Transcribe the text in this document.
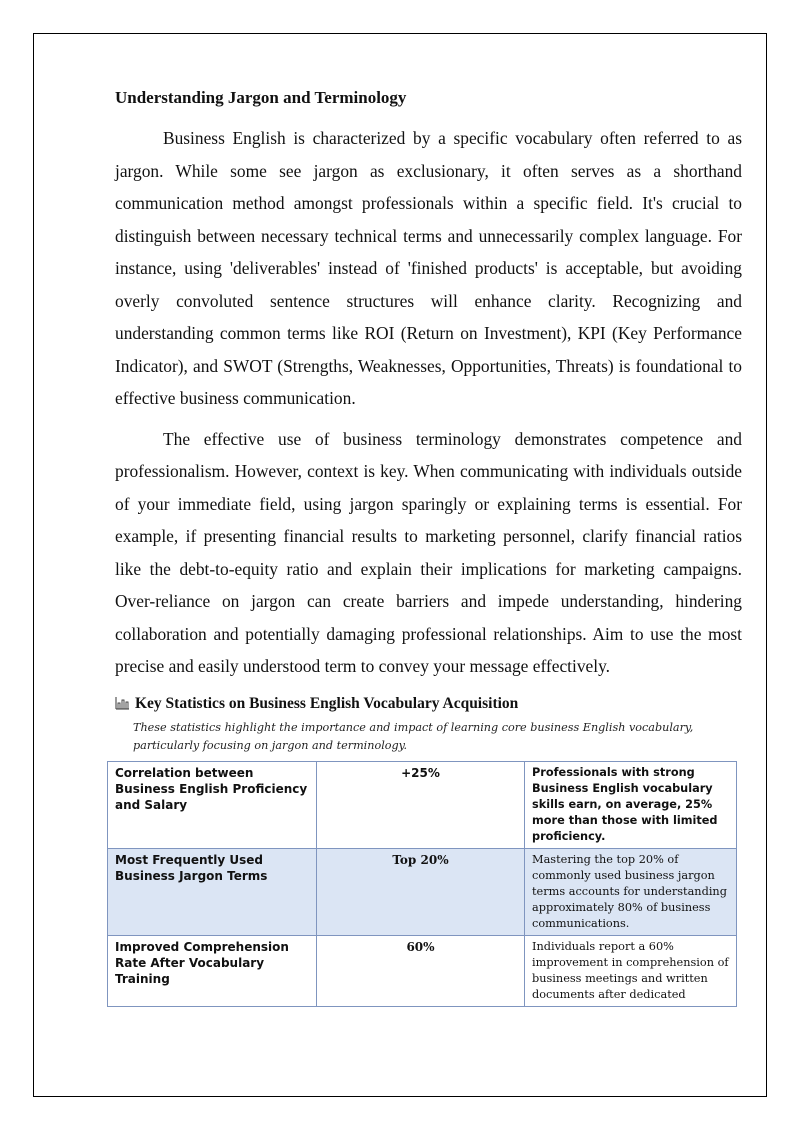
Understanding Jargon and Terminology

Business English is characterized by a specific vocabulary often referred to as jargon. While some see jargon as exclusionary, it often serves as a shorthand communication method amongst professionals within a specific field. It's crucial to distinguish between necessary technical terms and unnecessarily complex language. For instance, using 'deliverables' instead of 'finished products' is acceptable, but avoiding overly convoluted sentence structures will enhance clarity. Recognizing and understanding common terms like ROI (Return on Investment), KPI (Key Performance Indicator), and SWOT (Strengths, Weaknesses, Opportunities, Threats) is foundational to effective business communication.

The effective use of business terminology demonstrates competence and professionalism. However, context is key. When communicating with individuals outside of your immediate field, using jargon sparingly or explaining terms is essential. For example, if presenting financial results to marketing personnel, clarify financial ratios like the debt-to-equity ratio and explain their implications for marketing campaigns. Over-reliance on jargon can create barriers and impede understanding, hindering collaboration and potentially damaging professional relationships. Aim to use the most precise and easily understood term to convey your message effectively.

Key Statistics on Business English Vocabulary Acquisition
These statistics highlight the importance and impact of learning core business English vocabulary, particularly focusing on jargon and terminology.
Correlation between Business English Proficiency and Salary	+25%	Professionals with strong Business English vocabulary skills earn, on average, 25% more than those with limited proficiency.
Most Frequently Used Business Jargon Terms	Top 20%	Mastering the top 20% of commonly used business jargon terms accounts for understanding approximately 80% of business communications.
Improved Comprehension Rate After Vocabulary Training	60%	Individuals report a 60% improvement in comprehension of business meetings and written documents after dedicated
